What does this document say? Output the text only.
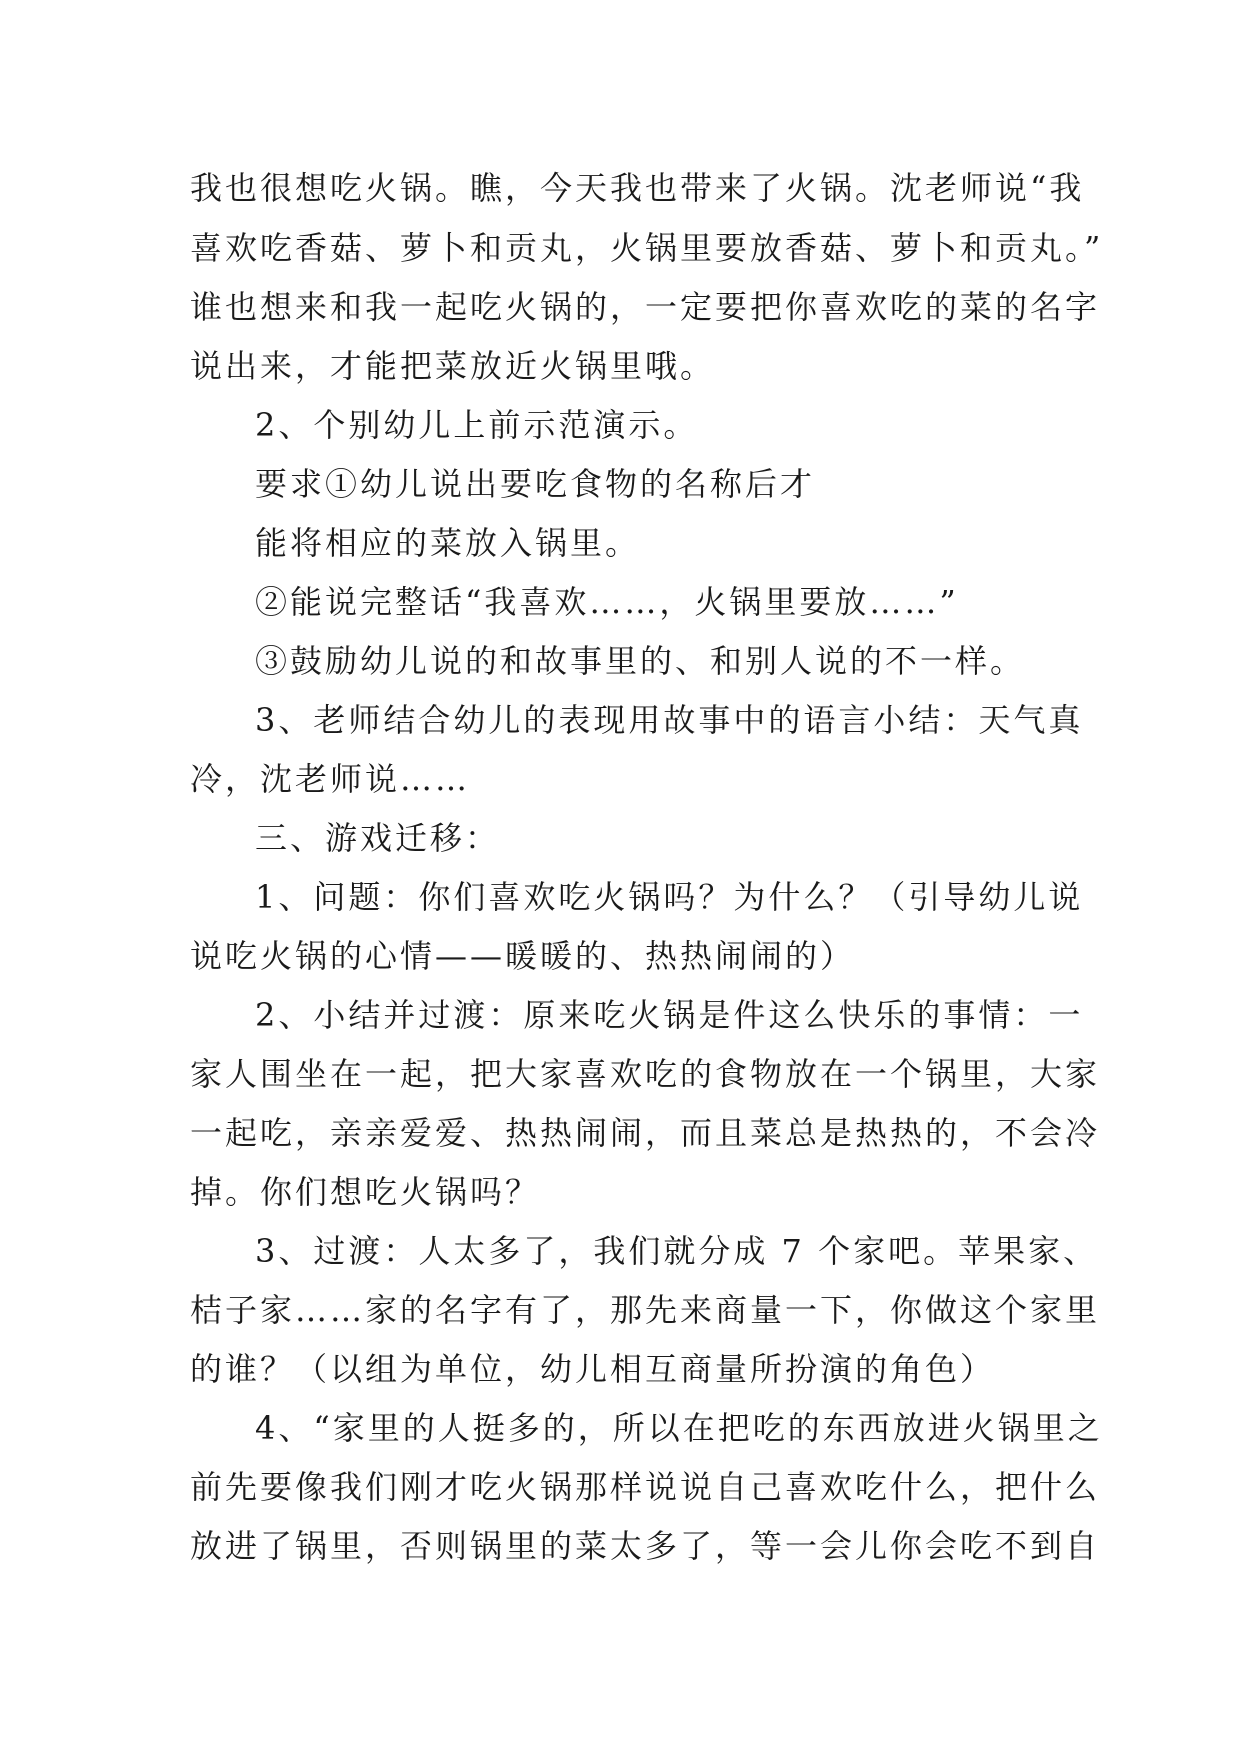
我也很想吃火锅。瞧，今天我也带来了火锅。沈老师说“我
喜欢吃香菇、萝卜和贡丸，火锅里要放香菇、萝卜和贡丸。”
谁也想来和我一起吃火锅的，一定要把你喜欢吃的菜的名字
说出来，才能把菜放近火锅里哦。
2、个别幼儿上前示范演示。
要求①幼儿说出要吃食物的名称后才
能将相应的菜放入锅里。
②能说完整话“我喜欢……，火锅里要放……”
③鼓励幼儿说的和故事里的、和别人说的不一样。
3、老师结合幼儿的表现用故事中的语言小结：天气真
冷，沈老师说……
三、游戏迁移：
1、问题：你们喜欢吃火锅吗？为什么？（引导幼儿说
说吃火锅的心情——暖暖的、热热闹闹的）
2、小结并过渡：原来吃火锅是件这么快乐的事情：一
家人围坐在一起，把大家喜欢吃的食物放在一个锅里，大家
一起吃，亲亲爱爱、热热闹闹，而且菜总是热热的，不会冷
掉。你们想吃火锅吗？
3、过渡：人太多了，我们就分成 7 个家吧。苹果家、
桔子家……家的名字有了，那先来商量一下，你做这个家里
的谁？（以组为单位，幼儿相互商量所扮演的角色）
4、“家里的人挺多的，所以在把吃的东西放进火锅里之
前先要像我们刚才吃火锅那样说说自己喜欢吃什么，把什么
放进了锅里，否则锅里的菜太多了，等一会儿你会吃不到自
